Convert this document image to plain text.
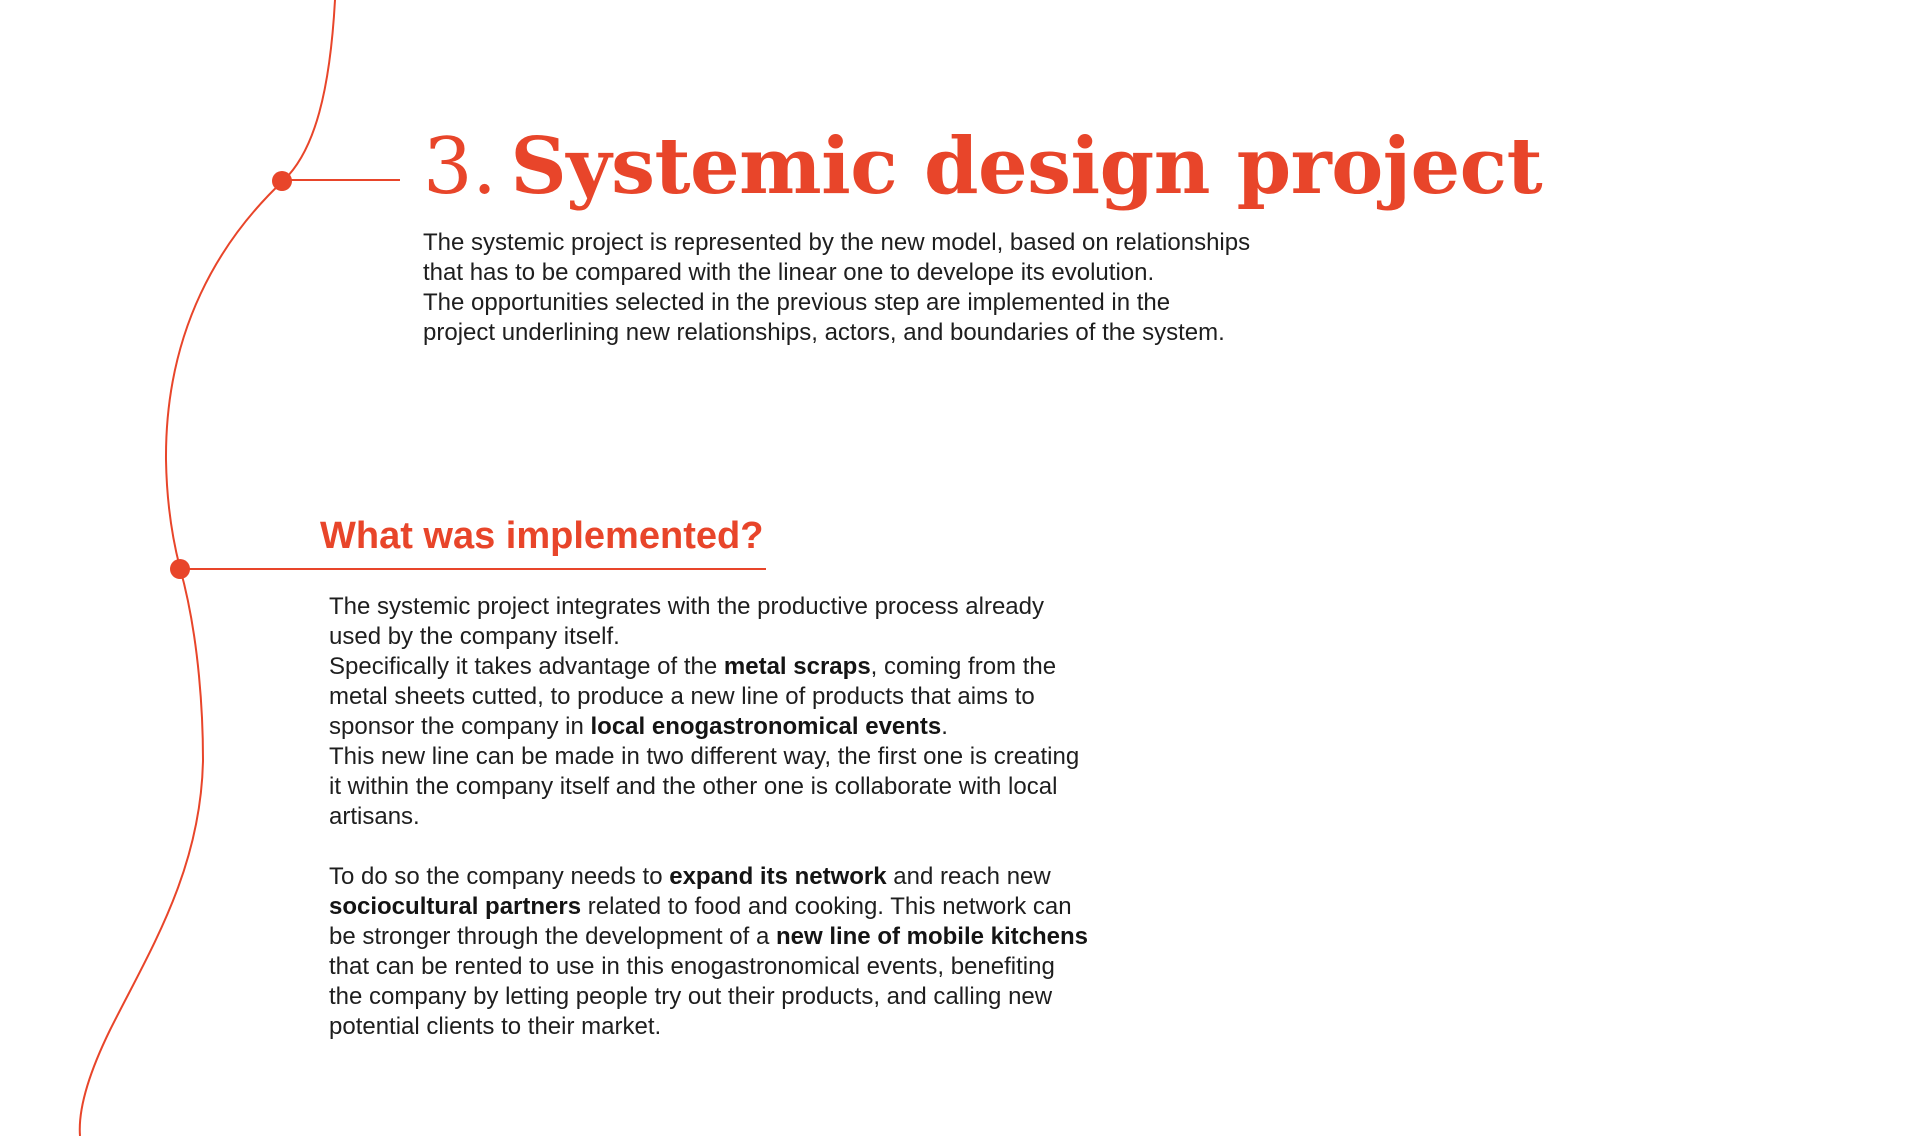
3. Systemic design project

The systemic project is represented by the new model, based on relationships
that has to be compared with the linear one to develope its evolution.
The opportunities selected in the previous step are implemented in the
project underlining new relationships, actors, and boundaries of the system.

What was implemented?
The systemic project integrates with the productive process already used by the company itself.
Specifically it takes advantage of the metal scraps, coming from the metal sheets cutted, to produce a new line of products that aims to sponsor the company in local enogastronomical events.
This new line can be made in two different way, the first one is creating it within the company itself and the other one is collaborate with local artisans.
To do so the company needs to expand its network and reach new sociocultural partners related to food and cooking. This network can be stronger through the development of a new line of mobile kitchens that can be rented to use in this enogastronomical events, benefiting the company by letting people try out their products, and calling new potential clients to their market.
